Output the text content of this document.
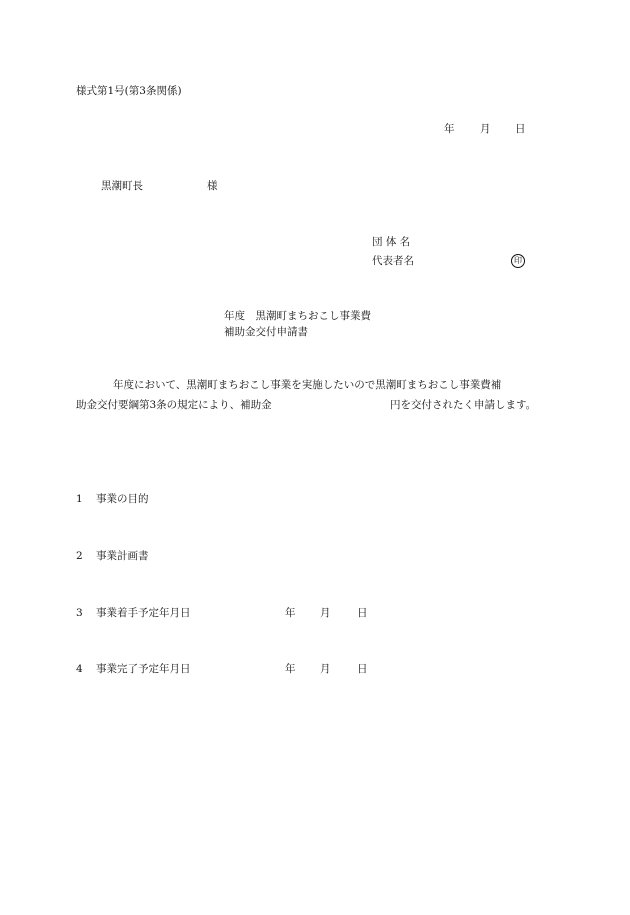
様式第1号(第3条関係)
年 月 日
黒潮町長	様
団 体 名
代表者名	印
年度　黒潮町まちおこし事業費
補助金交付申請書
年度において、黒潮町まちおこし事業を実施したいので黒潮町まちおこし事業費補
助金交付要綱第3条の規定により、補助金	円を交付されたく申請します。
1 事業の目的
2 事業計画書
3 事業着手予定年月日	年 月	日
4 事業完了予定年月日	年 月	日
